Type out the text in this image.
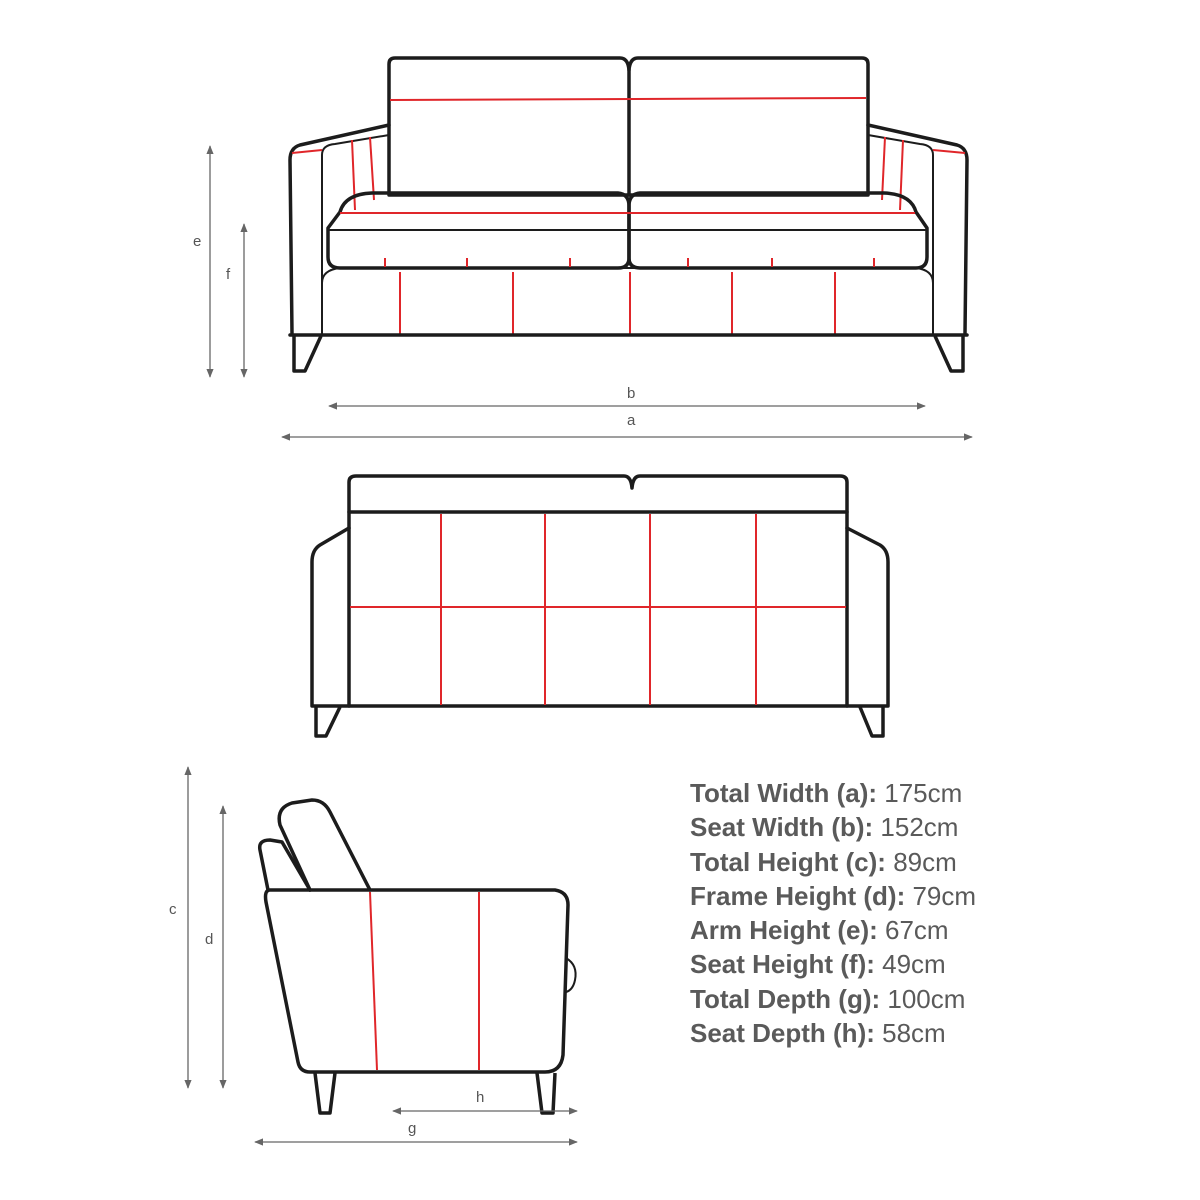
e
f
b
a
c
d
h
g
Total Width (a): 175cm
Seat Width (b): 152cm
Total Height (c): 89cm
Frame Height (d): 79cm
Arm Height (e): 67cm
Seat Height (f): 49cm
Total Depth (g): 100cm
Seat Depth (h): 58cm
